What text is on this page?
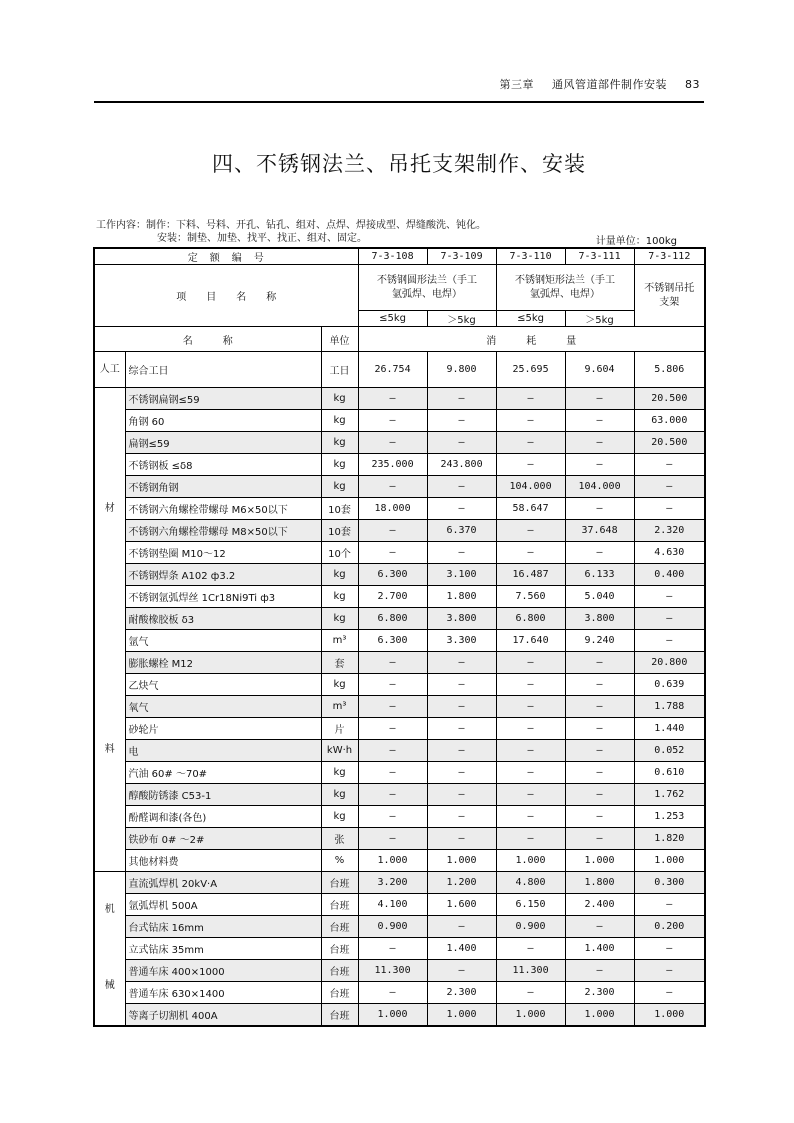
第三章 通风管道部件制作安装 83
四、不锈钢法兰、吊托支架制作、安装
工作内容：制作：下料、号料、开孔、钻孔、组对、点焊、焊接成型、焊缝酸洗、钝化。
安装：制垫、加垫、找平、找正、组对、固定。	计量单位：100kg
定　额　编　号			7-3-108	7-3-109	7-3-110	7-3-111	7-3-112
项　　目　　名　　称			不锈钢圆形法兰（手工氩弧焊、电焊）		不锈钢矩形法兰（手工氩弧焊、电焊）		不锈钢吊托支架
			≤5kg	＞5kg	≤5kg	＞5kg	
名　　　称		单位	消　　　耗　　　量				
人工	综合工日	工日	26.754	9.800	25.695	9.604	5.806

材
料	不锈钢扁钢≤59	kg	—	—	—	—	20.500
	角钢 60	kg	—	—	—	—	63.000
	扁钢≤59	kg	—	—	—	—	20.500
	不锈钢板 ≤δ8	kg	235.000	243.800	—	—	—
	不锈钢角钢	kg	—	—	104.000	104.000	—
	不锈钢六角螺栓带螺母 M6×50以下	10套	18.000	—	58.647	—	—
	不锈钢六角螺栓带螺母 M8×50以下	10套	—	6.370	—	37.648	2.320
	不锈钢垫圈 M10～12	10个	—	—	—	—	4.630
	不锈钢焊条 A102 ф3.2	kg	6.300	3.100	16.487	6.133	0.400
	不锈钢氩弧焊丝 1Cr18Ni9Ti ф3	kg	2.700	1.800	7.560	5.040	—
	耐酸橡胶板 δ3	kg	6.800	3.800	6.800	3.800	—
	氩气	m³	6.300	3.300	17.640	9.240	—
	膨胀螺栓 M12	套	—	—	—	—	20.800
	乙炔气	kg	—	—	—	—	0.639
	氧气	m³	—	—	—	—	1.788
	砂轮片	片	—	—	—	—	1.440
	电	kW·h	—	—	—	—	0.052
	汽油 60# ～70#	kg	—	—	—	—	0.610
	醇酸防锈漆 C53-1	kg	—	—	—	—	1.762
	酚醛调和漆(各色)	kg	—	—	—	—	1.253
	铁砂布 0# ～2#	张	—	—	—	—	1.820
	其他材料费	%	1.000	1.000	1.000	1.000	1.000

机
械	直流弧焊机 20kV·A	台班	3.200	1.200	4.800	1.800	0.300
	氩弧焊机 500A	台班	4.100	1.600	6.150	2.400	—
	台式钻床 16mm	台班	0.900	—	0.900	—	0.200
	立式钻床 35mm	台班	—	1.400	—	1.400	—
	普通车床 400×1000	台班	11.300	—	11.300	—	—
	普通车床 630×1400	台班	—	2.300	—	2.300	—
	等离子切割机 400A	台班	1.000	1.000	1.000	1.000	1.000
